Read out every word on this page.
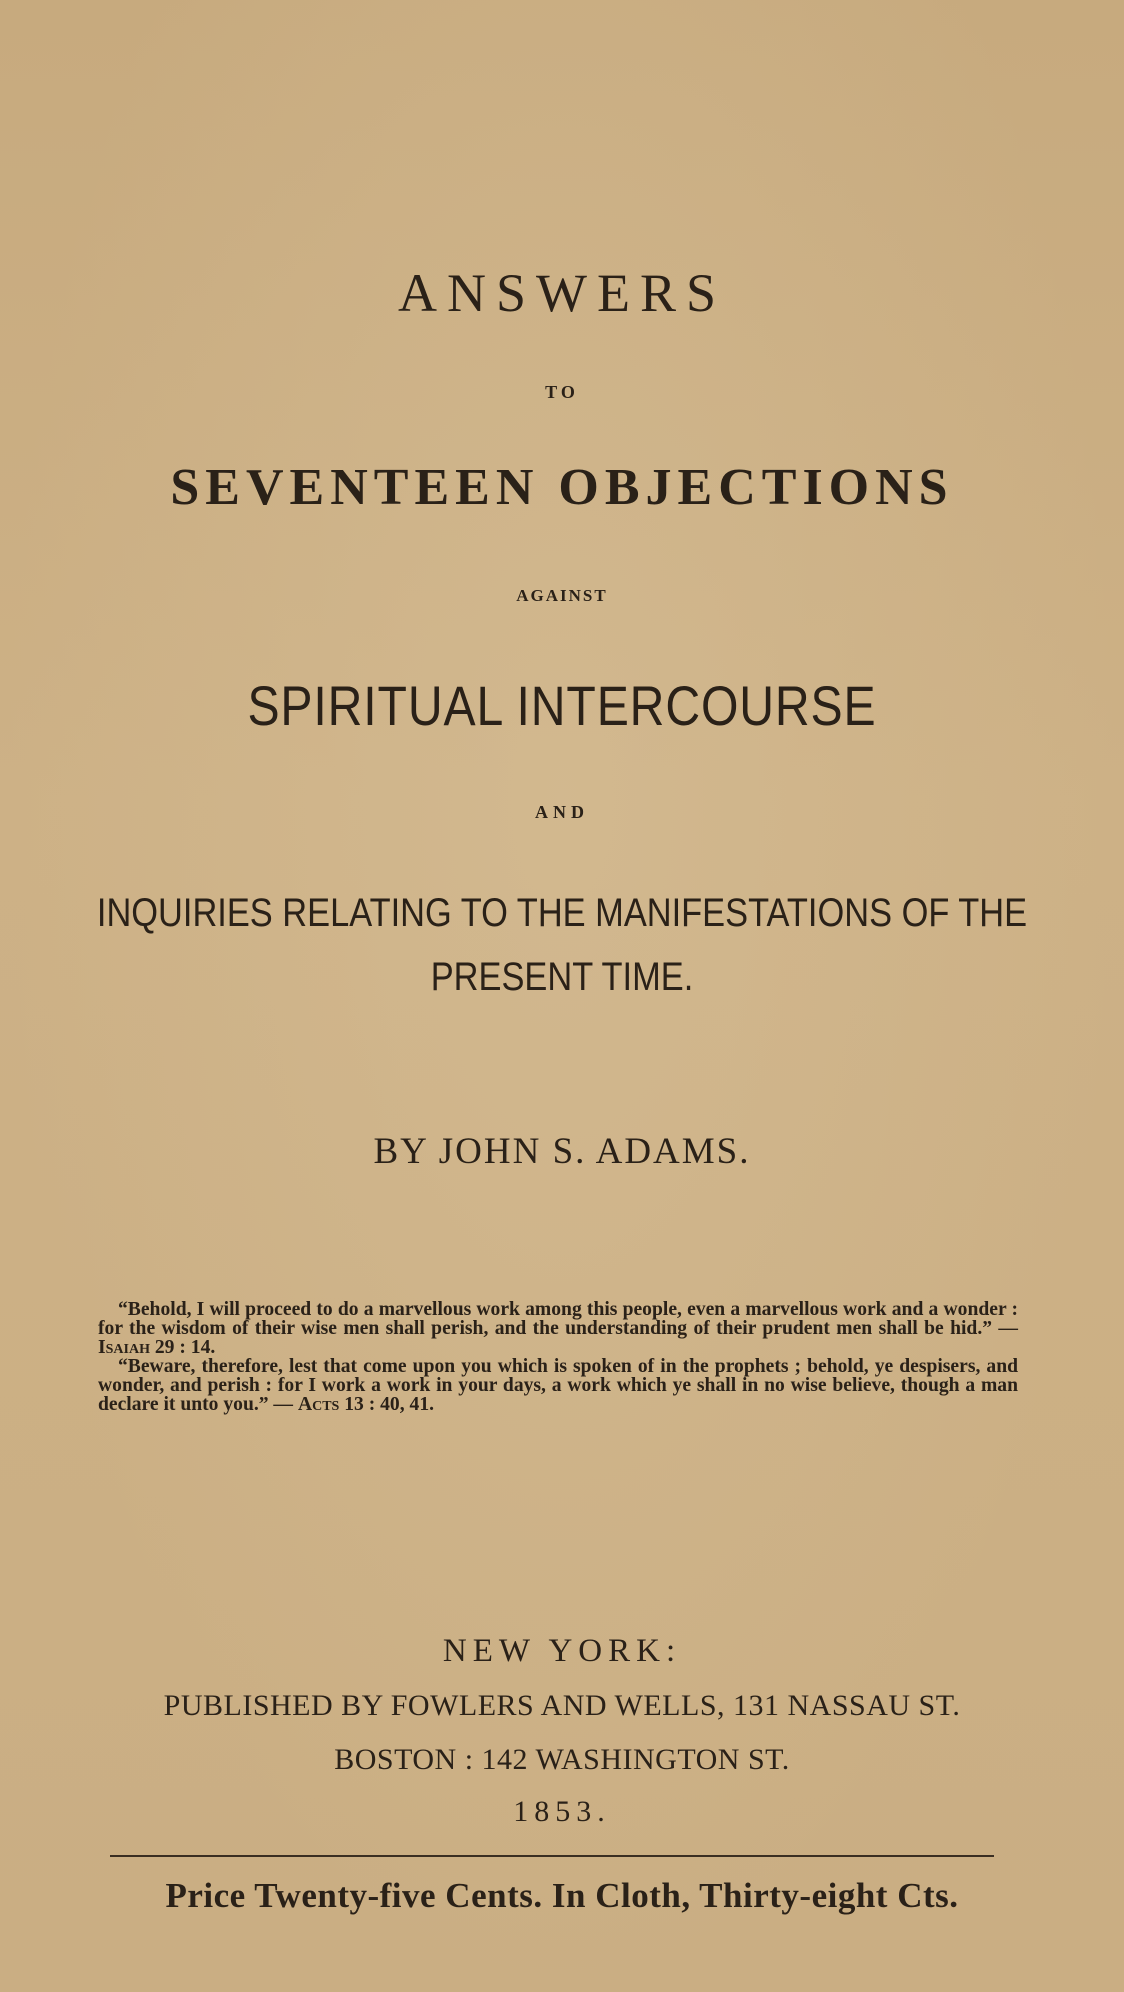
ANSWERS
TO
SEVENTEEN OBJECTIONS
AGAINST
SPIRITUAL INTERCOURSE
AND
INQUIRIES RELATING TO THE MANIFESTATIONS OF THE
PRESENT TIME.
BY JOHN S. ADAMS.

“Behold, I will proceed to do a marvellous work among this people, even a marvellous work and a wonder : for the wisdom of their wise men shall perish, and the understanding of their prudent men shall be hid.” — Isaiah 29 : 14.

“Beware, therefore, lest that come upon you which is spoken of in the prophets ; behold, ye despisers, and wonder, and perish : for I work a work in your days, a work which ye shall in no wise believe, though a man declare it unto you.” — Acts 13 : 40, 41.

NEW YORK:
PUBLISHED BY FOWLERS AND WELLS, 131 NASSAU ST.
BOSTON : 142 WASHINGTON ST.
1853.
Price Twenty-five Cents. In Cloth, Thirty-eight Cts.
